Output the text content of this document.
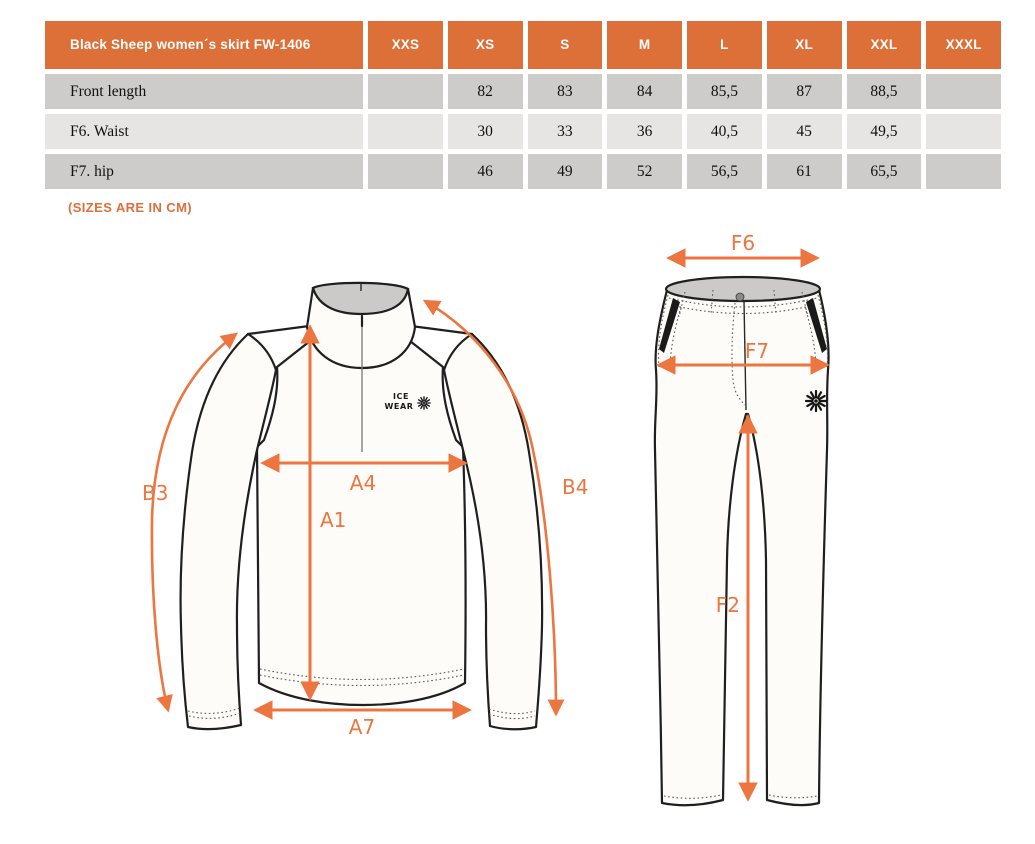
Black Sheep women´s skirt FW-1406	XXS	XS	S	M	L	XL	XXL	XXXL
Front length		82	83	84	85,5	87	88,5	
F6. Waist		30	33	36	40,5	45	49,5	
F7. hip		46	49	52	56,5	61	65,5	
(SIZES ARE IN CM)
ICE
WEAR
B3	B4
A4
A1
A7
F6
F7
F2
